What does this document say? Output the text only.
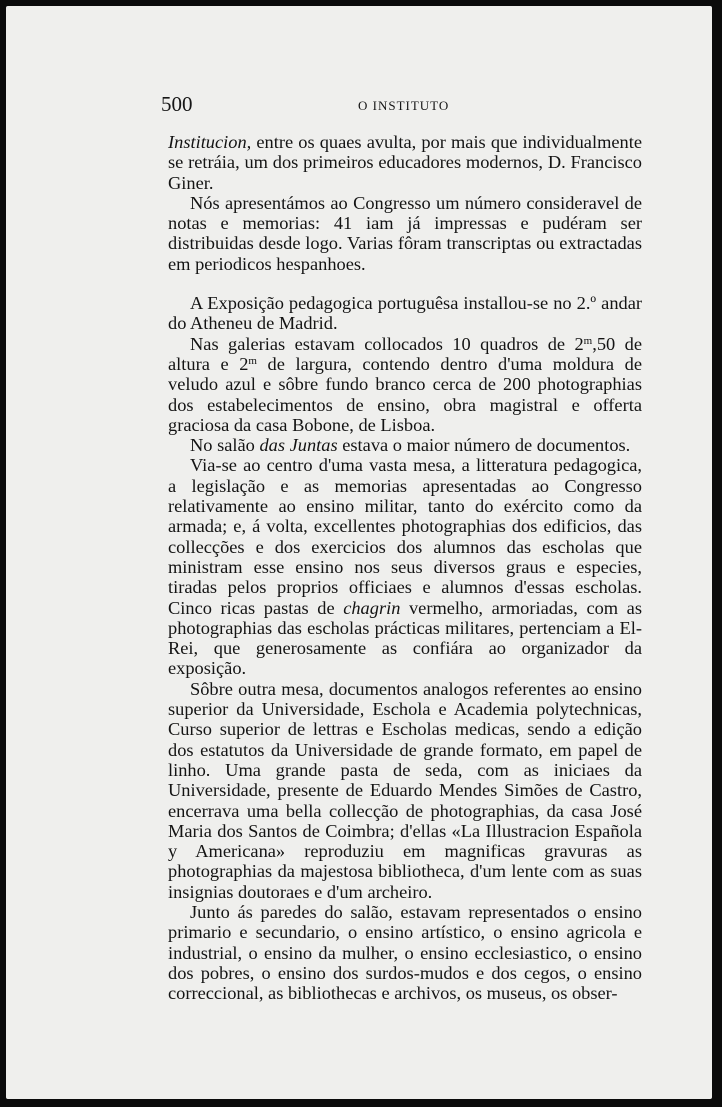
500	O INSTITUTO

Institucion, entre os quaes avulta, por mais que individualmente se retráia, um dos primeiros educadores modernos, D. Francisco Giner.

Nós apresentámos ao Congresso um número consideravel de notas e memorias: 41 iam já impressas e pudéram ser distribuidas desde logo. Varias fôram transcriptas ou extractadas em periodicos hespanhoes.

A Exposição pedagogica portuguêsa installou-se no 2.º andar do Atheneu de Madrid.

Nas galerias estavam collocados 10 quadros de 2$^m$,50 de altura e 2$^m$ de largura, contendo dentro d'uma moldura de veludo azul e sôbre fundo branco cerca de 200 photographias dos estabelecimentos de ensino, obra magistral e offerta graciosa da casa Bobone, de Lisboa.

No salão das Juntas estava o maior número de documentos.

Via-se ao centro d'uma vasta mesa, a litteratura pedagogica, a legislação e as memorias apresentadas ao Congresso relativamente ao ensino militar, tanto do exército como da armada; e, á volta, excellentes photographias dos edificios, das collecções e dos exercicios dos alumnos das escholas que ministram esse ensino nos seus diversos graus e especies, tiradas pelos proprios officiaes e alumnos d'essas escholas. Cinco ricas pastas de chagrin vermelho, armoriadas, com as photographias das escholas prácticas militares, pertenciam a El-Rei, que generosamente as confiára ao organizador da exposição.

Sôbre outra mesa, documentos analogos referentes ao ensino superior da Universidade, Eschola e Academia polytechnicas, Curso superior de lettras e Escholas medicas, sendo a edição dos estatutos da Universidade de grande formato, em papel de linho. Uma grande pasta de seda, com as iniciaes da Universidade, presente de Eduardo Mendes Simões de Castro, encerrava uma bella collecção de photographias, da casa José Maria dos Santos de Coimbra; d'ellas «La Illustracion Española y Americana» reproduziu em magnificas gravuras as photographias da majestosa bibliotheca, d'um lente com as suas insignias doutoraes e d'um archeiro.

Junto ás paredes do salão, estavam representados o ensino primario e secundario, o ensino artístico, o ensino agricola e industrial, o ensino da mulher, o ensino ecclesiastico, o ensino dos pobres, o ensino dos surdos-mudos e dos cegos, o ensino correccional, as bibliothecas e archivos, os museus, os obser-
